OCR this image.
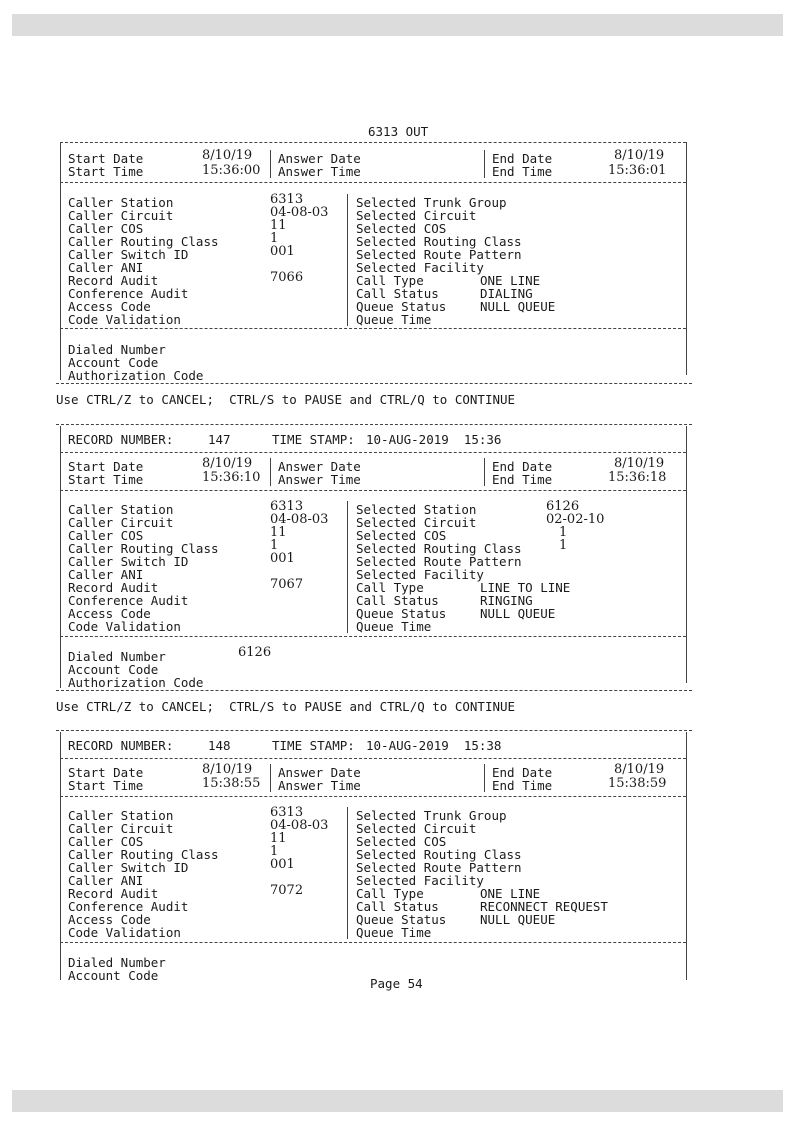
6313 OUT
Start Date	8/10/19
Start Time	15:36:00
Answer Date
Answer Time
End Date	8/10/19
End Time	15:36:01
Caller Station	6313
Caller Circuit	04-08-03
Caller COS	11
Caller Routing Class	1
Caller Switch ID	001
Caller ANI
Record Audit	7066
Conference Audit
Access Code
Code Validation
Selected Trunk Group
Selected Circuit
Selected COS
Selected Routing Class
Selected Route Pattern
Selected Facility
Call Type	ONE LINE
Call Status	DIALING
Queue Status	NULL QUEUE
Queue Time
Dialed Number
Account Code
Authorization Code
Use CTRL/Z to CANCEL;  CTRL/S to PAUSE and CTRL/Q to CONTINUE
RECORD NUMBER:	147	TIME STAMP: 10-AUG-2019  15:36
Start Date	8/10/19
Start Time	15:36:10
Answer Date
Answer Time
End Date	8/10/19
End Time	15:36:18
Caller Station	6313
Caller Circuit	04-08-03
Caller COS	11
Caller Routing Class	1
Caller Switch ID	001
Caller ANI
Record Audit	7067
Conference Audit
Access Code
Code Validation
Selected Station	6126
Selected Circuit	02-02-10
Selected COS	1
Selected Routing Class	1
Selected Route Pattern
Selected Facility
Call Type	LINE TO LINE
Call Status	RINGING
Queue Status	NULL QUEUE
Queue Time
Dialed Number	6126
Account Code
Authorization Code
Use CTRL/Z to CANCEL;  CTRL/S to PAUSE and CTRL/Q to CONTINUE
RECORD NUMBER:	148	TIME STAMP: 10-AUG-2019  15:38
Start Date	8/10/19
Start Time	15:38:55
Answer Date
Answer Time
End Date	8/10/19
End Time	15:38:59
Caller Station	6313
Caller Circuit	04-08-03
Caller COS	11
Caller Routing Class	1
Caller Switch ID	001
Caller ANI
Record Audit	7072
Conference Audit
Access Code
Code Validation
Selected Trunk Group
Selected Circuit
Selected COS
Selected Routing Class
Selected Route Pattern
Selected Facility
Call Type	ONE LINE
Call Status	RECONNECT REQUEST
Queue Status	NULL QUEUE
Queue Time
Dialed Number
Account Code
Page 54
